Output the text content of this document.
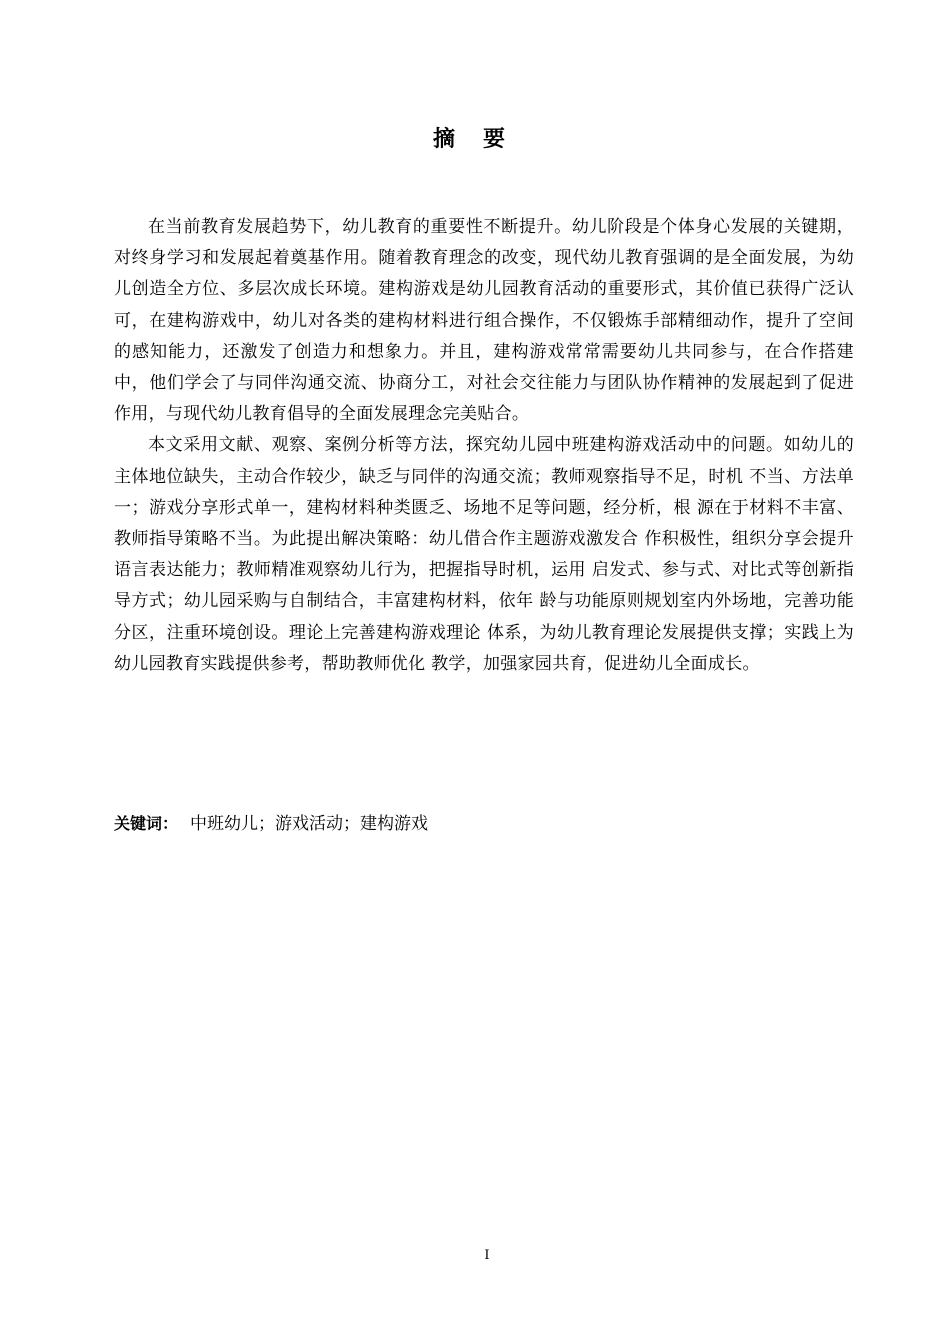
摘要

在当前教育发展趋势下，幼儿教育的重要性不断提升。幼儿阶段是个体身心发展的关键期，对终身学习和发展起着奠基作用。随着教育理念的改变，现代幼儿教育强调的是全面发展，为幼儿创造全方位、多层次成长环境。建构游戏是幼儿园教育活动的重要形式，其价值已获得广泛认可，在建构游戏中，幼儿对各类的建构材料进行组合操作，不仅锻炼手部精细动作，提升了空间的感知能力，还激发了创造力和想象力。并且，建构游戏常常需要幼儿共同参与，在合作搭建中，他们学会了与同伴沟通交流、协商分工，对社会交往能力与团队协作精神的发展起到了促进作用，与现代幼儿教育倡导的全面发展理念完美贴合。

本文采用文献、观察、案例分析等方法，探究幼儿园中班建构游戏活动中的问题。如幼儿的主体地位缺失，主动合作较少，缺乏与同伴的沟通交流；教师观察指导不足，时机 不当、方法单一；游戏分享形式单一，建构材料种类匮乏、场地不足等问题，经分析，根 源在于材料不丰富、教师指导策略不当。为此提出解决策略：幼儿借合作主题游戏激发合 作积极性，组织分享会提升语言表达能力；教师精准观察幼儿行为，把握指导时机，运用 启发式、参与式、对比式等创新指导方式；幼儿园采购与自制结合，丰富建构材料，依年 龄与功能原则规划室内外场地，完善功能分区，注重环境创设。理论上完善建构游戏理论 体系，为幼儿教育理论发展提供支撑；实践上为幼儿园教育实践提供参考，帮助教师优化 教学，加强家园共育，促进幼儿全面成长。

关键词： 中班幼儿；游戏活动；建构游戏

I
